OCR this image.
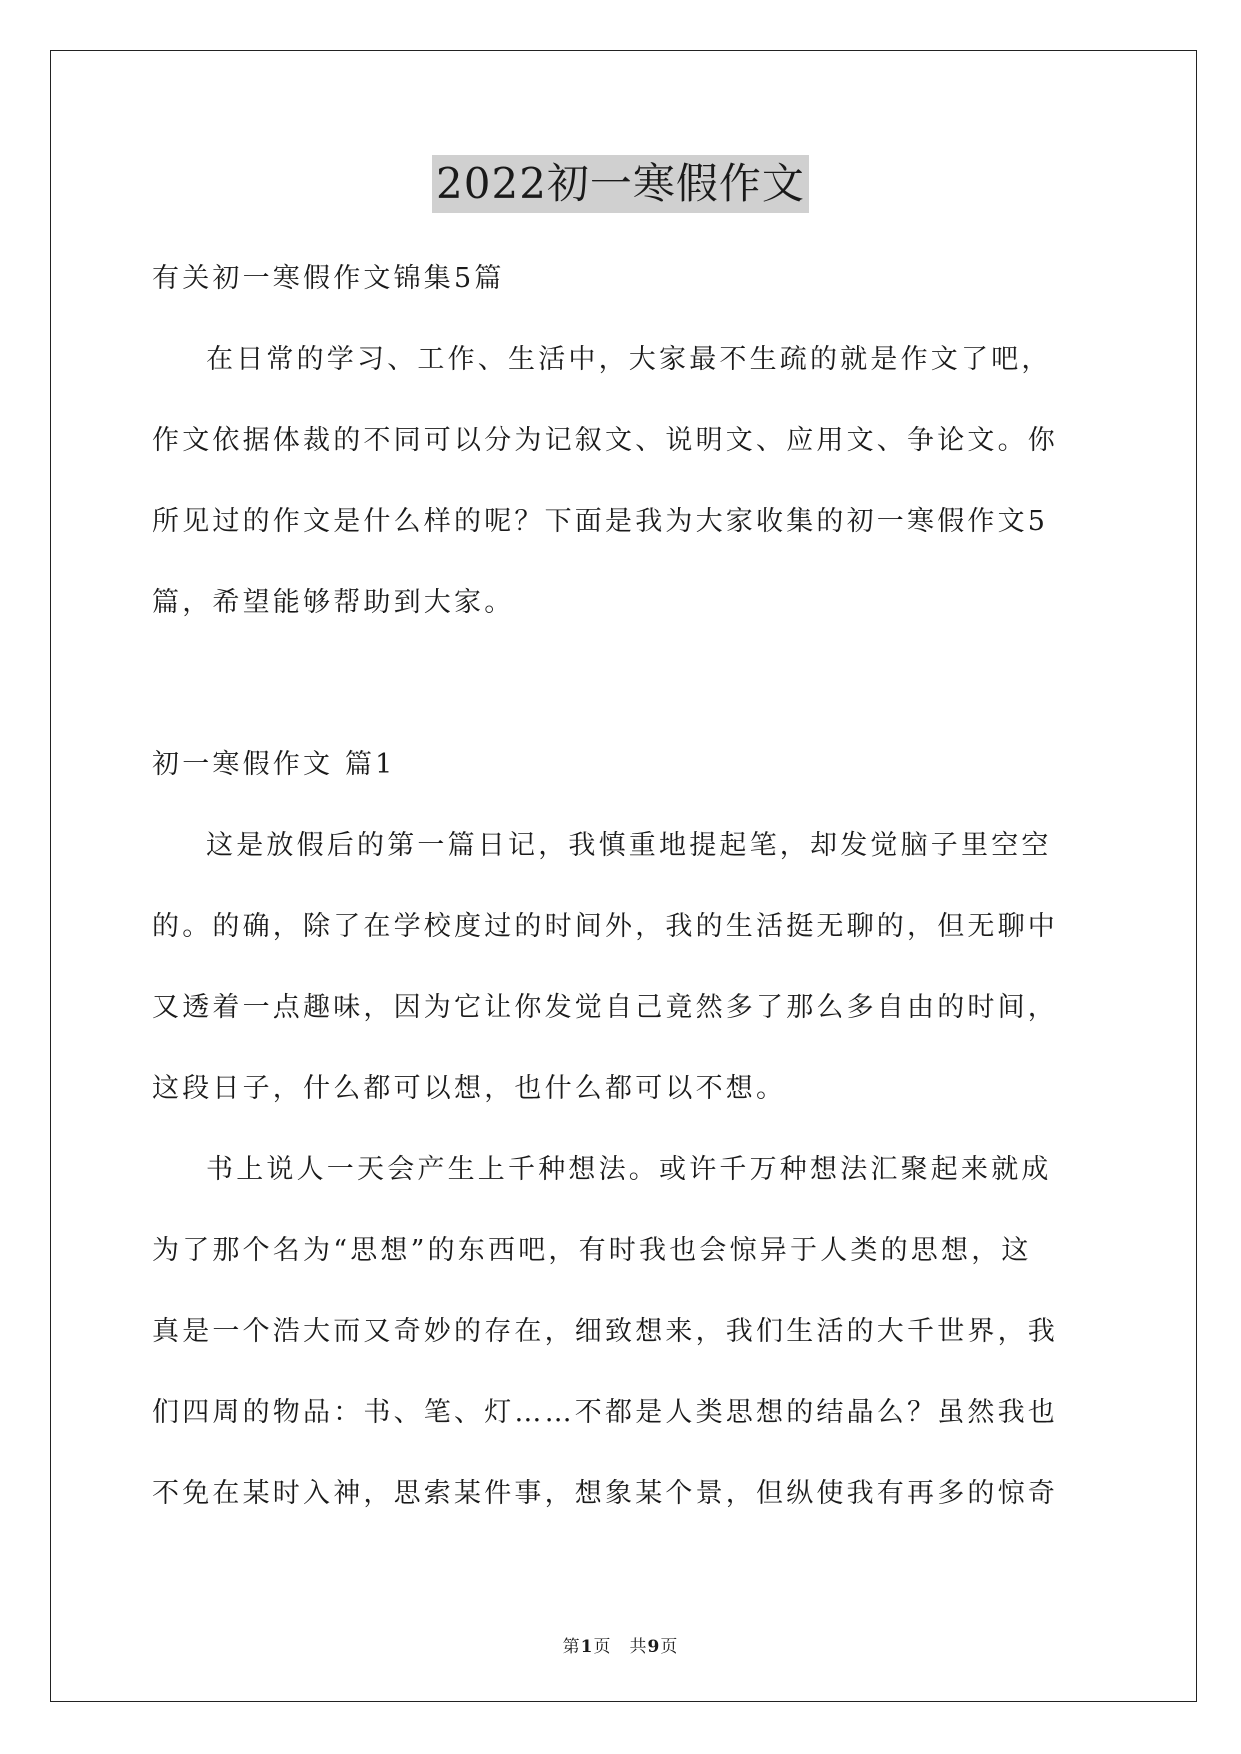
2022初一寒假作文

有关初一寒假作文锦集5篇

在日常的学习、工作、生活中，大家最不生疏的就是作文了吧，

作文依据体裁的不同可以分为记叙文、说明文、应用文、争论文。你

所见过的作文是什么样的呢？下面是我为大家收集的初一寒假作文5

篇，希望能够帮助到大家。

初一寒假作文 篇1

这是放假后的第一篇日记，我慎重地提起笔，却发觉脑子里空空

的。的确，除了在学校度过的时间外，我的生活挺无聊的，但无聊中

又透着一点趣味，因为它让你发觉自己竟然多了那么多自由的时间，

这段日子，什么都可以想，也什么都可以不想。

书上说人一天会产生上千种想法。或许千万种想法汇聚起来就成

为了那个名为“思想”的东西吧，有时我也会惊异于人类的思想，这

真是一个浩大而又奇妙的存在，细致想来，我们生活的大千世界，我

们四周的物品：书、笔、灯……不都是人类思想的结晶么？虽然我也

不免在某时入神，思索某件事，想象某个景，但纵使我有再多的惊奇

第1页　共9页
